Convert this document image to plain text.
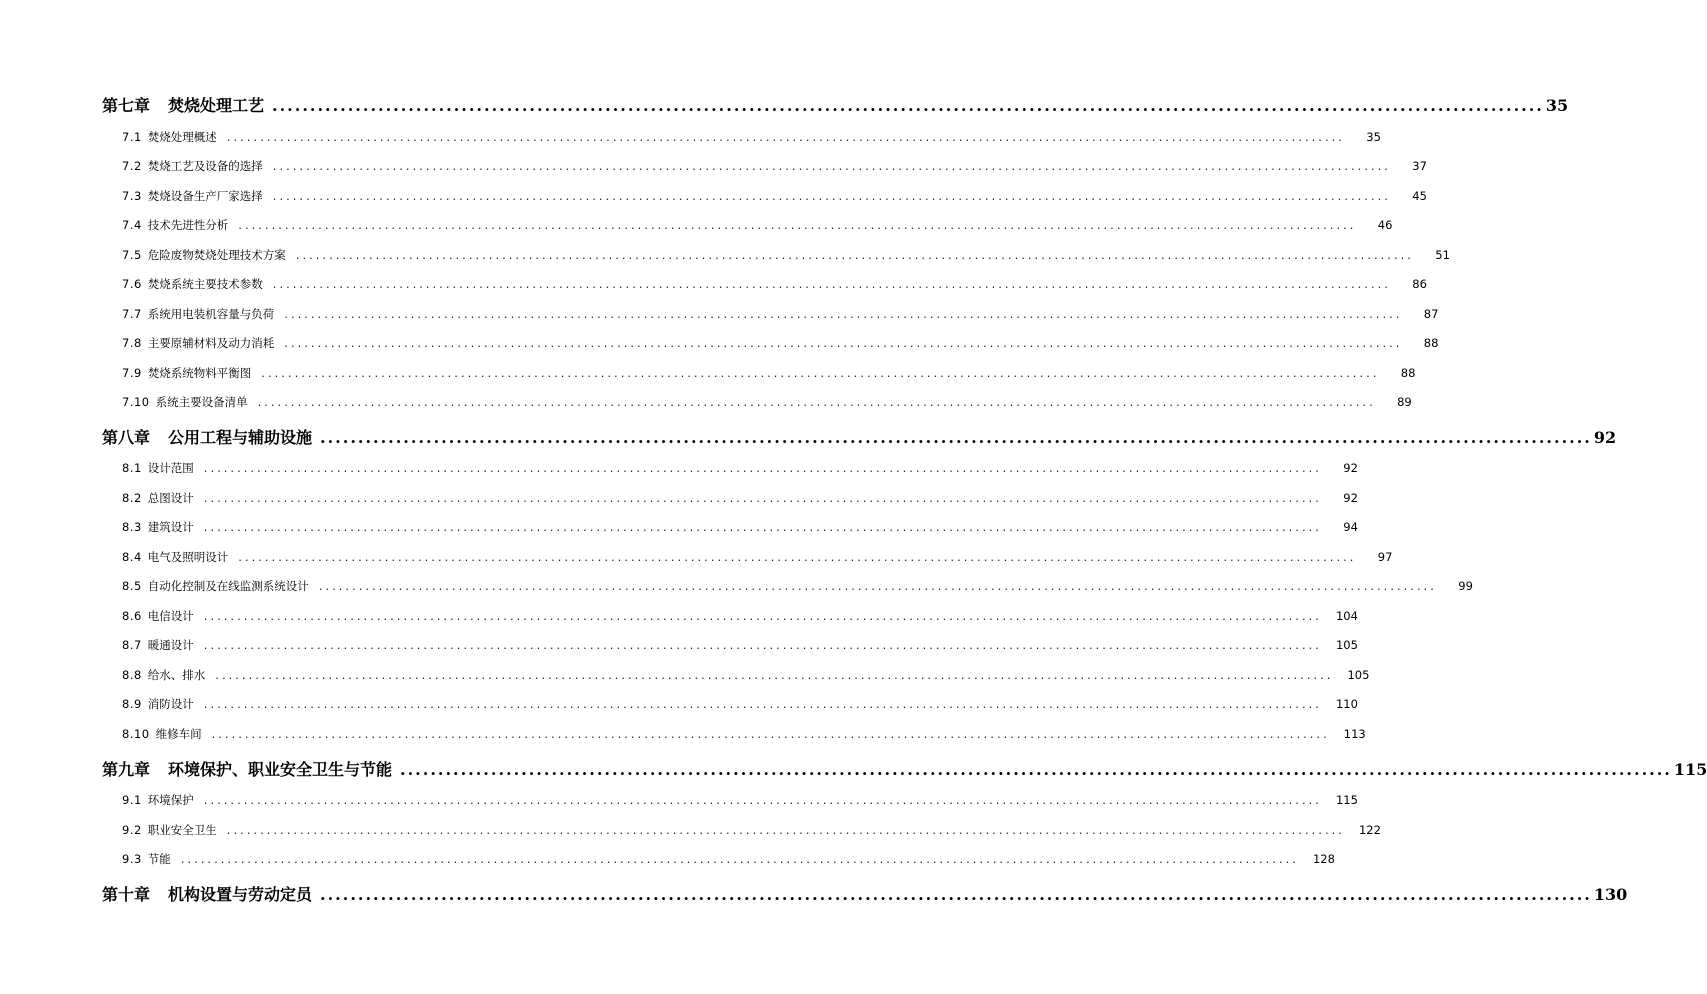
第七章 焚烧处理工艺 ........................................................................................................................................................................ 35
7.1 焚烧处理概述 ........................................................................................................................................................................	35
7.2 焚烧工艺及设备的选择 ........................................................................................................................................................................	37
7.3 焚烧设备生产厂家选择 ........................................................................................................................................................................	45
7.4 技术先进性分析 ........................................................................................................................................................................	46
7.5 危险废物焚烧处理技术方案 ........................................................................................................................................................................	51
7.6 焚烧系统主要技术参数 ........................................................................................................................................................................	86
7.7 系统用电装机容量与负荷 ........................................................................................................................................................................	87
7.8 主要原辅材料及动力消耗 ........................................................................................................................................................................	88
7.9 焚烧系统物料平衡图 ........................................................................................................................................................................	88
7.10 系统主要设备清单 ........................................................................................................................................................................	89
第八章 公用工程与辅助设施 ........................................................................................................................................................................ 92
8.1 设计范围 ........................................................................................................................................................................	92
8.2 总图设计 ........................................................................................................................................................................	92
8.3 建筑设计 ........................................................................................................................................................................	94
8.4 电气及照明设计 ........................................................................................................................................................................	97
8.5 自动化控制及在线监测系统设计 ........................................................................................................................................................................	99
8.6 电信设计 ........................................................................................................................................................................ 104
8.7 暖通设计 ........................................................................................................................................................................ 105
8.8 给水、排水 ........................................................................................................................................................................ 105
8.9 消防设计 ........................................................................................................................................................................ 110
8.10 维修车间 ........................................................................................................................................................................ 113
第九章 环境保护、职业安全卫生与节能 ........................................................................................................................................................................ 115
9.1 环境保护 ........................................................................................................................................................................ 115
9.2 职业安全卫生 ........................................................................................................................................................................ 122
9.3 节能 ........................................................................................................................................................................ 128
第十章 机构设置与劳动定员 ........................................................................................................................................................................ 130
